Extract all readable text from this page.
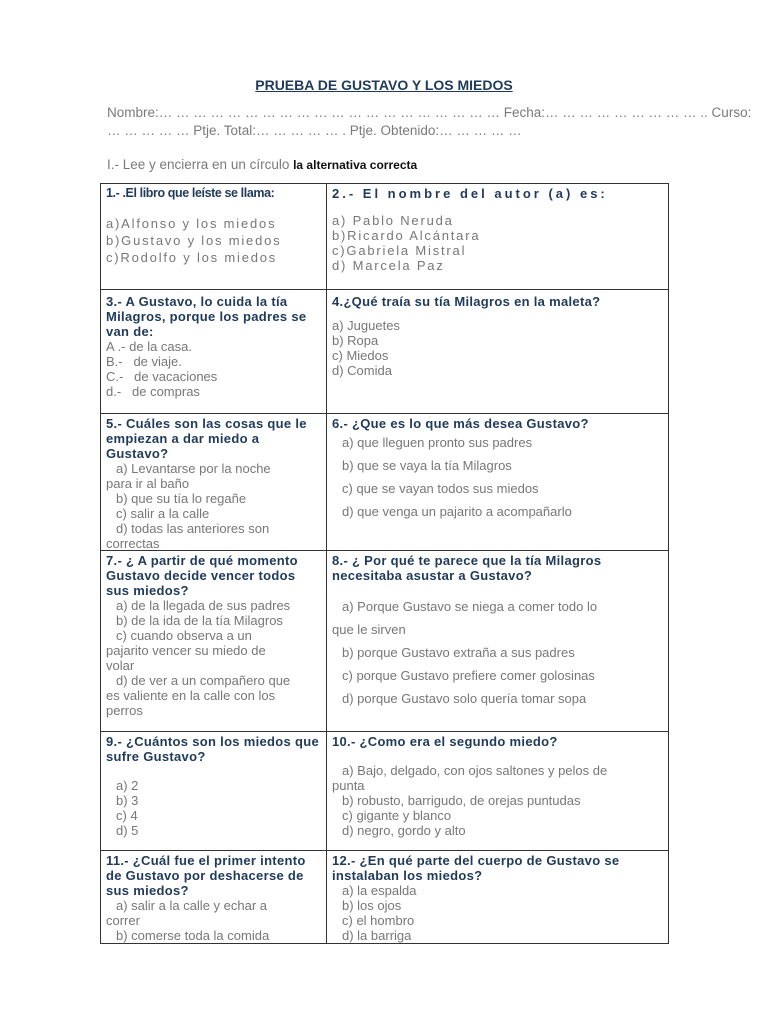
PRUEBA DE GUSTAVO Y LOS MIEDOS
Nombre:… … … … … … … … … … … … … … … … … … … … Fecha:… … … … … … … … … .. Curso:
… … … … … Ptje. Total:… … … … … . Ptje. Obtenido:… … … … …
I.- Lee y encierra en un círculo la alternativa correcta
1.- .El libro que leíste se llama:
a)Alfonso y los miedos
b)Gustavo y los miedos
c)Rodolfo y los miedos
2.- El nombre del autor (a) es:
a) Pablo Neruda
b)Ricardo Alcántara
c)Gabriela Mistral
d) Marcela Paz
3.- A Gustavo, lo cuida la tía Milagros, porque los padres se van de:
A .- de la casa.
B.-   de viaje.
C.-   de vacaciones
d.-   de compras
4.¿Qué traía su tía Milagros en la maleta?
a) Juguetes
b) Ropa
c) Miedos
d) Comida
5.- Cuáles son las cosas que le empiezan a dar miedo a Gustavo?
a) Levantarse por la noche
para ir al baño
b) que su tía lo regañe
c) salir a la calle
d) todas las anteriores son
correctas
6.- ¿Que es lo que más desea Gustavo?
a) que lleguen pronto sus padres
b) que se vaya la tía Milagros
c) que se vayan todos sus miedos
d) que venga un pajarito a acompañarlo
7.- ¿ A partir de qué momento Gustavo decide vencer todos sus miedos?
a) de la llegada de sus padres
b) de la ida de la tía Milagros
c) cuando observa a un
pajarito vencer su miedo de
volar
d) de ver a un compañero que
es valiente en la calle con los
perros
8.- ¿ Por qué te parece que la tía Milagros necesitaba asustar a Gustavo?
a) Porque Gustavo se niega a comer todo lo
que le sirven
b) porque Gustavo extraña a sus padres
c) porque Gustavo prefiere comer golosinas
d) porque Gustavo solo quería tomar sopa
9.- ¿Cuántos son los miedos que sufre Gustavo?
a) 2
b) 3
c) 4
d) 5
10.- ¿Como era el segundo miedo?
a) Bajo, delgado, con ojos saltones y pelos de
punta
b) robusto, barrigudo, de orejas puntudas
c) gigante y blanco
d) negro, gordo y alto
11.- ¿Cuál fue el primer intento de Gustavo por deshacerse de sus miedos?
a) salir a la calle y echar a
correr
b) comerse toda la comida
12.- ¿En qué parte del cuerpo de Gustavo se instalaban los miedos?
a) la espalda
b) los ojos
c) el hombro
d) la barriga
